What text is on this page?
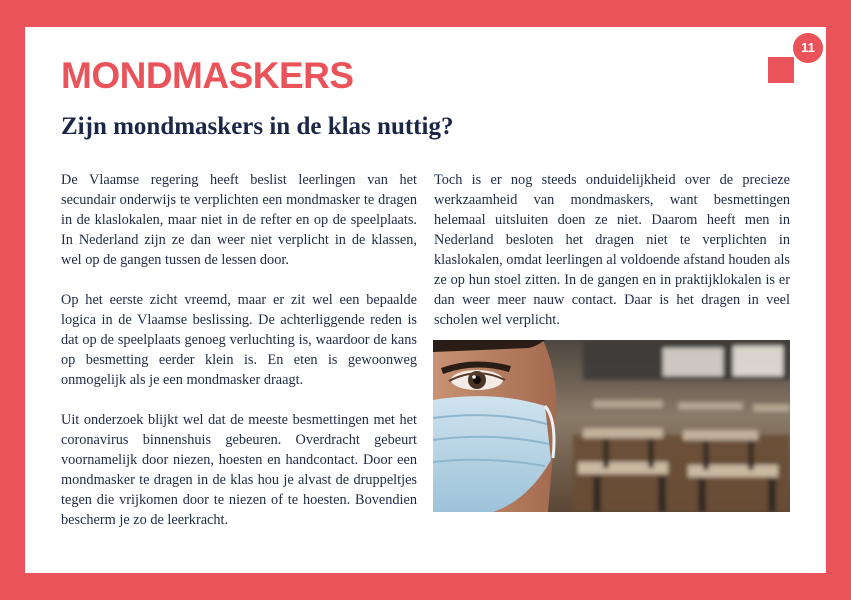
11
MONDMASKERS
Zijn mondmaskers in de klas nuttig?

De Vlaamse regering heeft beslist leerlingen van het secundair onderwijs te verplichten een mondmasker te dragen in de klaslokalen, maar niet in de refter en op de speelplaats. In Nederland zijn ze dan weer niet verplicht in de klassen, wel op de gangen tussen de lessen door.

Op het eerste zicht vreemd, maar er zit wel een bepaalde logica in de Vlaamse beslissing. De achterliggende reden is dat op de speelplaats genoeg verluchting is, waardoor de kans op besmetting eerder klein is. En eten is gewoonweg onmogelijk als je een mondmasker draagt.

Uit onderzoek blijkt wel dat de meeste besmettingen met het coronavirus binnenshuis gebeuren. Overdracht gebeurt voornamelijk door niezen, hoesten en handcontact. Door een mondmasker te dragen in de klas hou je alvast de druppeltjes tegen die vrijkomen door te niezen of te hoesten. Bovendien bescherm je zo de leerkracht.

Toch is er nog steeds onduidelijkheid over de precieze werkzaamheid van mondmaskers, want besmettingen helemaal uitsluiten doen ze niet. Daarom heeft men in Nederland besloten het dragen niet te verplichten in klaslokalen, omdat leerlingen al voldoende afstand houden als ze op hun stoel zitten. In de gangen en in praktijklokalen is er dan weer meer nauw contact. Daar is het dragen in veel scholen wel verplicht.
